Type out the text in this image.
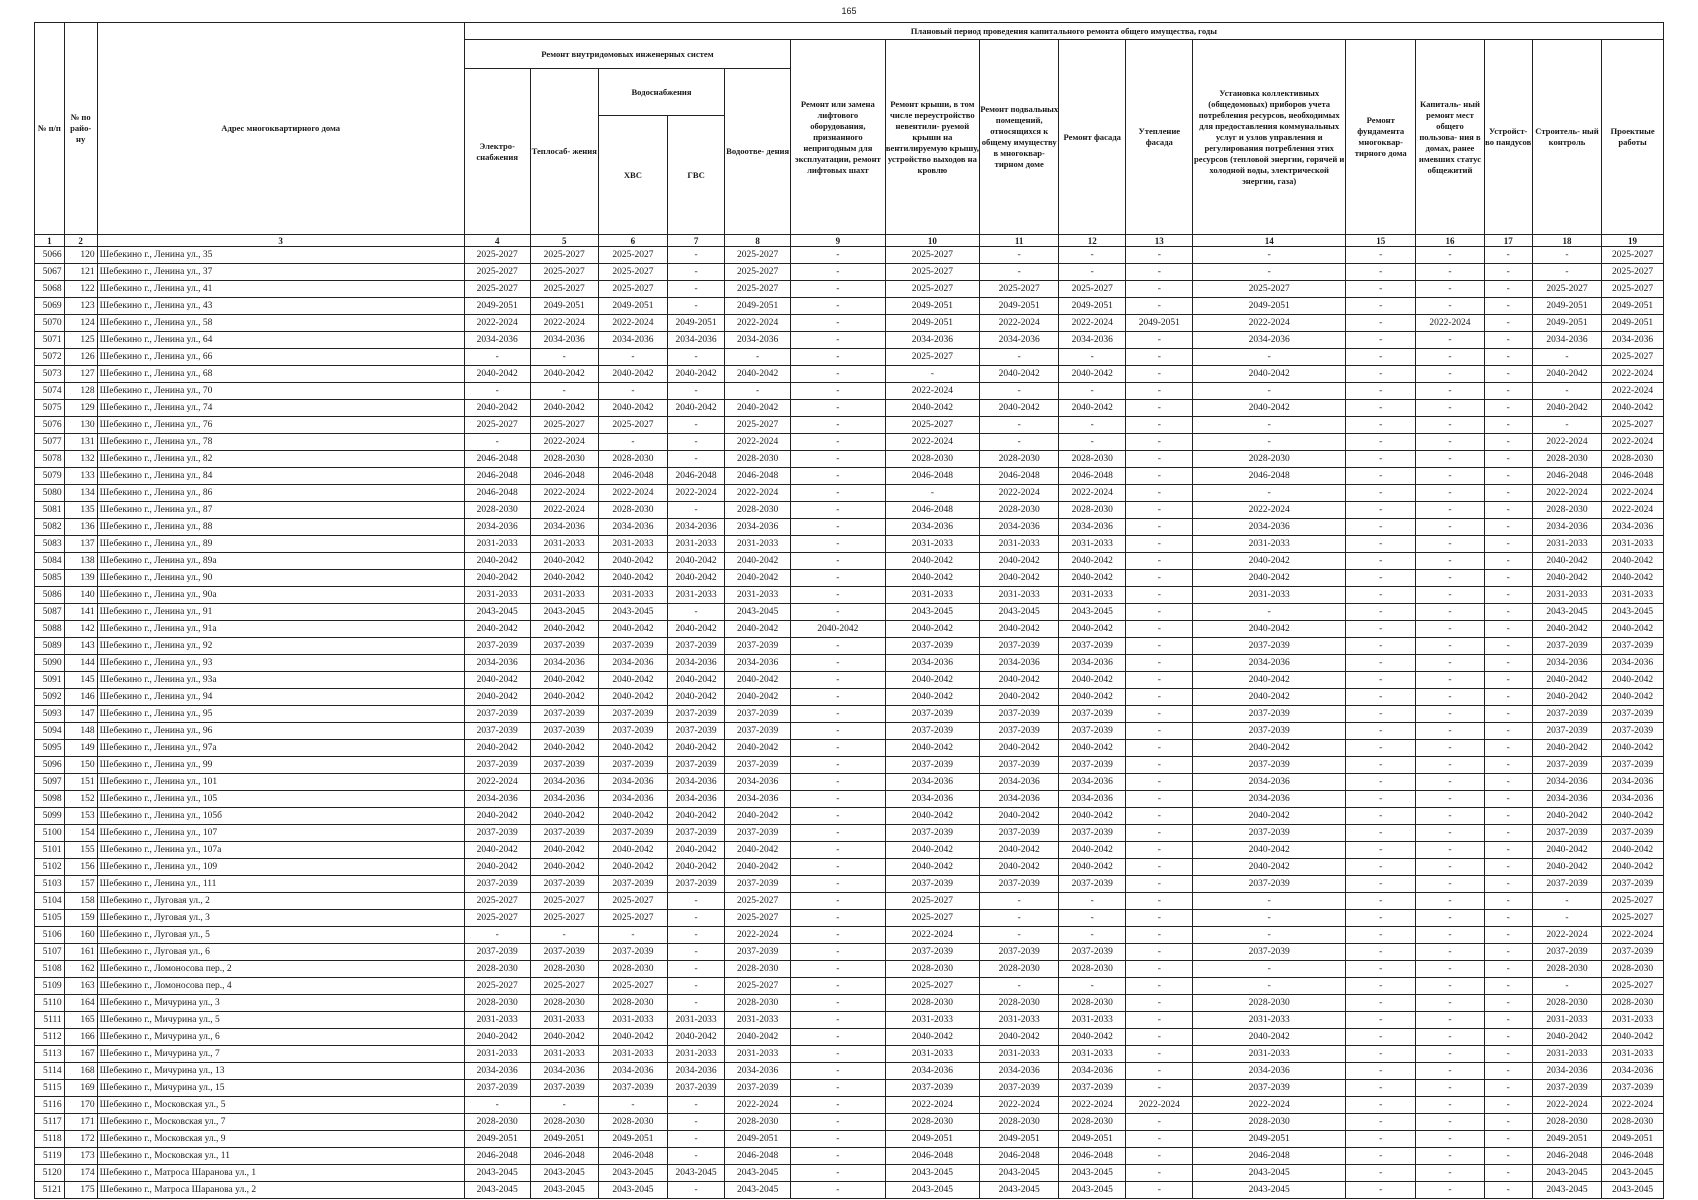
165
№ п/п	№ по райо- ну	Адрес многоквартирного дома	Плановый период проведения капитального ремонта общего имущества, годы															
			Ремонт внутридомовых инженерных систем					Ремонт или замена лифтового оборудования, признанного непригодным для эксплуатации, ремонт лифтовых шахт	Ремонт крыши, в том числе переустройство невентили- руемой крыши на вентилируемую крышу, устройство выходов на кровлю	Ремонт подвальных помещений, относящихся к общему имуществу в многоквар- тирном доме	Ремонт фасада	Утепление фасада	Установка коллективных (общедомовых) приборов учета потребления ресурсов, необходимых для предоставления коммунальных услуг и узлов управления и регулирования потребления этих ресурсов (тепловой энергии, горячей и холодной воды, электрической энергии, газа)	Ремонт фундамента многоквар- тирного дома	Капиталь- ный ремонт мест общего пользова- ния в домах, ранее имевших статус общежитий	Устройст- во пандусов	Строитель- ный контроль	Проектные работы
			Электро- снабжения	Теплосаб- жения	Водоснабжения		Водоотве- дения											
					ХВС	ГВС												
1	2	3	4	5	6	7	8	9	10	11	12	13	14	15	16	17	18	19
5066	120	Шебекино г., Ленина ул., 35	2025-2027	2025-2027	2025-2027	-	2025-2027	-	2025-2027	-	-	-	-	-	-	-	-	2025-2027
5067	121	Шебекино г., Ленина ул., 37	2025-2027	2025-2027	2025-2027	-	2025-2027	-	2025-2027	-	-	-	-	-	-	-	-	2025-2027
5068	122	Шебекино г., Ленина ул., 41	2025-2027	2025-2027	2025-2027	-	2025-2027	-	2025-2027	2025-2027	2025-2027	-	2025-2027	-	-	-	2025-2027	2025-2027
5069	123	Шебекино г., Ленина ул., 43	2049-2051	2049-2051	2049-2051	-	2049-2051	-	2049-2051	2049-2051	2049-2051	-	2049-2051	-	-	-	2049-2051	2049-2051
5070	124	Шебекино г., Ленина ул., 58	2022-2024	2022-2024	2022-2024	2049-2051	2022-2024	-	2049-2051	2022-2024	2022-2024	2049-2051	2022-2024	-	2022-2024	-	2049-2051	2049-2051
5071	125	Шебекино г., Ленина ул., 64	2034-2036	2034-2036	2034-2036	2034-2036	2034-2036	-	2034-2036	2034-2036	2034-2036	-	2034-2036	-	-	-	2034-2036	2034-2036
5072	126	Шебекино г., Ленина ул., 66	-	-	-	-	-	-	2025-2027	-	-	-	-	-	-	-	-	2025-2027
5073	127	Шебекино г., Ленина ул., 68	2040-2042	2040-2042	2040-2042	2040-2042	2040-2042	-	-	2040-2042	2040-2042	-	2040-2042	-	-	-	2040-2042	2022-2024
5074	128	Шебекино г., Ленина ул., 70	-	-	-	-	-	-	2022-2024	-	-	-	-	-	-	-	-	2022-2024
5075	129	Шебекино г., Ленина ул., 74	2040-2042	2040-2042	2040-2042	2040-2042	2040-2042	-	2040-2042	2040-2042	2040-2042	-	2040-2042	-	-	-	2040-2042	2040-2042
5076	130	Шебекино г., Ленина ул., 76	2025-2027	2025-2027	2025-2027	-	2025-2027	-	2025-2027	-	-	-	-	-	-	-	-	2025-2027
5077	131	Шебекино г., Ленина ул., 78	-	2022-2024	-	-	2022-2024	-	2022-2024	-	-	-	-	-	-	-	2022-2024	2022-2024
5078	132	Шебекино г., Ленина ул., 82	2046-2048	2028-2030	2028-2030	-	2028-2030	-	2028-2030	2028-2030	2028-2030	-	2028-2030	-	-	-	2028-2030	2028-2030
5079	133	Шебекино г., Ленина ул., 84	2046-2048	2046-2048	2046-2048	2046-2048	2046-2048	-	2046-2048	2046-2048	2046-2048	-	2046-2048	-	-	-	2046-2048	2046-2048
5080	134	Шебекино г., Ленина ул., 86	2046-2048	2022-2024	2022-2024	2022-2024	2022-2024	-	-	2022-2024	2022-2024	-	-	-	-	-	2022-2024	2022-2024
5081	135	Шебекино г., Ленина ул., 87	2028-2030	2022-2024	2028-2030	-	2028-2030	-	2046-2048	2028-2030	2028-2030	-	2022-2024	-	-	-	2028-2030	2022-2024
5082	136	Шебекино г., Ленина ул., 88	2034-2036	2034-2036	2034-2036	2034-2036	2034-2036	-	2034-2036	2034-2036	2034-2036	-	2034-2036	-	-	-	2034-2036	2034-2036
5083	137	Шебекино г., Ленина ул., 89	2031-2033	2031-2033	2031-2033	2031-2033	2031-2033	-	2031-2033	2031-2033	2031-2033	-	2031-2033	-	-	-	2031-2033	2031-2033
5084	138	Шебекино г., Ленина ул., 89а	2040-2042	2040-2042	2040-2042	2040-2042	2040-2042	-	2040-2042	2040-2042	2040-2042	-	2040-2042	-	-	-	2040-2042	2040-2042
5085	139	Шебекино г., Ленина ул., 90	2040-2042	2040-2042	2040-2042	2040-2042	2040-2042	-	2040-2042	2040-2042	2040-2042	-	2040-2042	-	-	-	2040-2042	2040-2042
5086	140	Шебекино г., Ленина ул., 90а	2031-2033	2031-2033	2031-2033	2031-2033	2031-2033	-	2031-2033	2031-2033	2031-2033	-	2031-2033	-	-	-	2031-2033	2031-2033
5087	141	Шебекино г., Ленина ул., 91	2043-2045	2043-2045	2043-2045	-	2043-2045	-	2043-2045	2043-2045	2043-2045	-	-	-	-	-	2043-2045	2043-2045
5088	142	Шебекино г., Ленина ул., 91а	2040-2042	2040-2042	2040-2042	2040-2042	2040-2042	2040-2042	2040-2042	2040-2042	2040-2042	-	2040-2042	-	-	-	2040-2042	2040-2042
5089	143	Шебекино г., Ленина ул., 92	2037-2039	2037-2039	2037-2039	2037-2039	2037-2039	-	2037-2039	2037-2039	2037-2039	-	2037-2039	-	-	-	2037-2039	2037-2039
5090	144	Шебекино г., Ленина ул., 93	2034-2036	2034-2036	2034-2036	2034-2036	2034-2036	-	2034-2036	2034-2036	2034-2036	-	2034-2036	-	-	-	2034-2036	2034-2036
5091	145	Шебекино г., Ленина ул., 93а	2040-2042	2040-2042	2040-2042	2040-2042	2040-2042	-	2040-2042	2040-2042	2040-2042	-	2040-2042	-	-	-	2040-2042	2040-2042
5092	146	Шебекино г., Ленина ул., 94	2040-2042	2040-2042	2040-2042	2040-2042	2040-2042	-	2040-2042	2040-2042	2040-2042	-	2040-2042	-	-	-	2040-2042	2040-2042
5093	147	Шебекино г., Ленина ул., 95	2037-2039	2037-2039	2037-2039	2037-2039	2037-2039	-	2037-2039	2037-2039	2037-2039	-	2037-2039	-	-	-	2037-2039	2037-2039
5094	148	Шебекино г., Ленина ул., 96	2037-2039	2037-2039	2037-2039	2037-2039	2037-2039	-	2037-2039	2037-2039	2037-2039	-	2037-2039	-	-	-	2037-2039	2037-2039
5095	149	Шебекино г., Ленина ул., 97а	2040-2042	2040-2042	2040-2042	2040-2042	2040-2042	-	2040-2042	2040-2042	2040-2042	-	2040-2042	-	-	-	2040-2042	2040-2042
5096	150	Шебекино г., Ленина ул., 99	2037-2039	2037-2039	2037-2039	2037-2039	2037-2039	-	2037-2039	2037-2039	2037-2039	-	2037-2039	-	-	-	2037-2039	2037-2039
5097	151	Шебекино г., Ленина ул., 101	2022-2024	2034-2036	2034-2036	2034-2036	2034-2036	-	2034-2036	2034-2036	2034-2036	-	2034-2036	-	-	-	2034-2036	2034-2036
5098	152	Шебекино г., Ленина ул., 105	2034-2036	2034-2036	2034-2036	2034-2036	2034-2036	-	2034-2036	2034-2036	2034-2036	-	2034-2036	-	-	-	2034-2036	2034-2036
5099	153	Шебекино г., Ленина ул., 105б	2040-2042	2040-2042	2040-2042	2040-2042	2040-2042	-	2040-2042	2040-2042	2040-2042	-	2040-2042	-	-	-	2040-2042	2040-2042
5100	154	Шебекино г., Ленина ул., 107	2037-2039	2037-2039	2037-2039	2037-2039	2037-2039	-	2037-2039	2037-2039	2037-2039	-	2037-2039	-	-	-	2037-2039	2037-2039
5101	155	Шебекино г., Ленина ул., 107а	2040-2042	2040-2042	2040-2042	2040-2042	2040-2042	-	2040-2042	2040-2042	2040-2042	-	2040-2042	-	-	-	2040-2042	2040-2042
5102	156	Шебекино г., Ленина ул., 109	2040-2042	2040-2042	2040-2042	2040-2042	2040-2042	-	2040-2042	2040-2042	2040-2042	-	2040-2042	-	-	-	2040-2042	2040-2042
5103	157	Шебекино г., Ленина ул., 111	2037-2039	2037-2039	2037-2039	2037-2039	2037-2039	-	2037-2039	2037-2039	2037-2039	-	2037-2039	-	-	-	2037-2039	2037-2039
5104	158	Шебекино г., Луговая ул., 2	2025-2027	2025-2027	2025-2027	-	2025-2027	-	2025-2027	-	-	-	-	-	-	-	-	2025-2027
5105	159	Шебекино г., Луговая ул., 3	2025-2027	2025-2027	2025-2027	-	2025-2027	-	2025-2027	-	-	-	-	-	-	-	-	2025-2027
5106	160	Шебекино г., Луговая ул., 5	-	-	-	-	2022-2024	-	2022-2024	-	-	-	-	-	-	-	2022-2024	2022-2024
5107	161	Шебекино г., Луговая ул., 6	2037-2039	2037-2039	2037-2039	-	2037-2039	-	2037-2039	2037-2039	2037-2039	-	2037-2039	-	-	-	2037-2039	2037-2039
5108	162	Шебекино г., Ломоносова пер., 2	2028-2030	2028-2030	2028-2030	-	2028-2030	-	2028-2030	2028-2030	2028-2030	-	-	-	-	-	2028-2030	2028-2030
5109	163	Шебекино г., Ломоносова пер., 4	2025-2027	2025-2027	2025-2027	-	2025-2027	-	2025-2027	-	-	-	-	-	-	-	-	2025-2027
5110	164	Шебекино г., Мичурина ул., 3	2028-2030	2028-2030	2028-2030	-	2028-2030	-	2028-2030	2028-2030	2028-2030	-	2028-2030	-	-	-	2028-2030	2028-2030
5111	165	Шебекино г., Мичурина ул., 5	2031-2033	2031-2033	2031-2033	2031-2033	2031-2033	-	2031-2033	2031-2033	2031-2033	-	2031-2033	-	-	-	2031-2033	2031-2033
5112	166	Шебекино г., Мичурина ул., 6	2040-2042	2040-2042	2040-2042	2040-2042	2040-2042	-	2040-2042	2040-2042	2040-2042	-	2040-2042	-	-	-	2040-2042	2040-2042
5113	167	Шебекино г., Мичурина ул., 7	2031-2033	2031-2033	2031-2033	2031-2033	2031-2033	-	2031-2033	2031-2033	2031-2033	-	2031-2033	-	-	-	2031-2033	2031-2033
5114	168	Шебекино г., Мичурина ул., 13	2034-2036	2034-2036	2034-2036	2034-2036	2034-2036	-	2034-2036	2034-2036	2034-2036	-	2034-2036	-	-	-	2034-2036	2034-2036
5115	169	Шебекино г., Мичурина ул., 15	2037-2039	2037-2039	2037-2039	2037-2039	2037-2039	-	2037-2039	2037-2039	2037-2039	-	2037-2039	-	-	-	2037-2039	2037-2039
5116	170	Шебекино г., Московская ул., 5	-	-	-	-	2022-2024	-	2022-2024	2022-2024	2022-2024	2022-2024	2022-2024	-	-	-	2022-2024	2022-2024
5117	171	Шебекино г., Московская ул., 7	2028-2030	2028-2030	2028-2030	-	2028-2030	-	2028-2030	2028-2030	2028-2030	-	2028-2030	-	-	-	2028-2030	2028-2030
5118	172	Шебекино г., Московская ул., 9	2049-2051	2049-2051	2049-2051	-	2049-2051	-	2049-2051	2049-2051	2049-2051	-	2049-2051	-	-	-	2049-2051	2049-2051
5119	173	Шебекино г., Московская ул., 11	2046-2048	2046-2048	2046-2048	-	2046-2048	-	2046-2048	2046-2048	2046-2048	-	2046-2048	-	-	-	2046-2048	2046-2048
5120	174	Шебекино г., Матроса Шаранова ул., 1	2043-2045	2043-2045	2043-2045	2043-2045	2043-2045	-	2043-2045	2043-2045	2043-2045	-	2043-2045	-	-	-	2043-2045	2043-2045
5121	175	Шебекино г., Матроса Шаранова ул., 2	2043-2045	2043-2045	2043-2045	-	2043-2045	-	2043-2045	2043-2045	2043-2045	-	2043-2045	-	-	-	2043-2045	2043-2045
